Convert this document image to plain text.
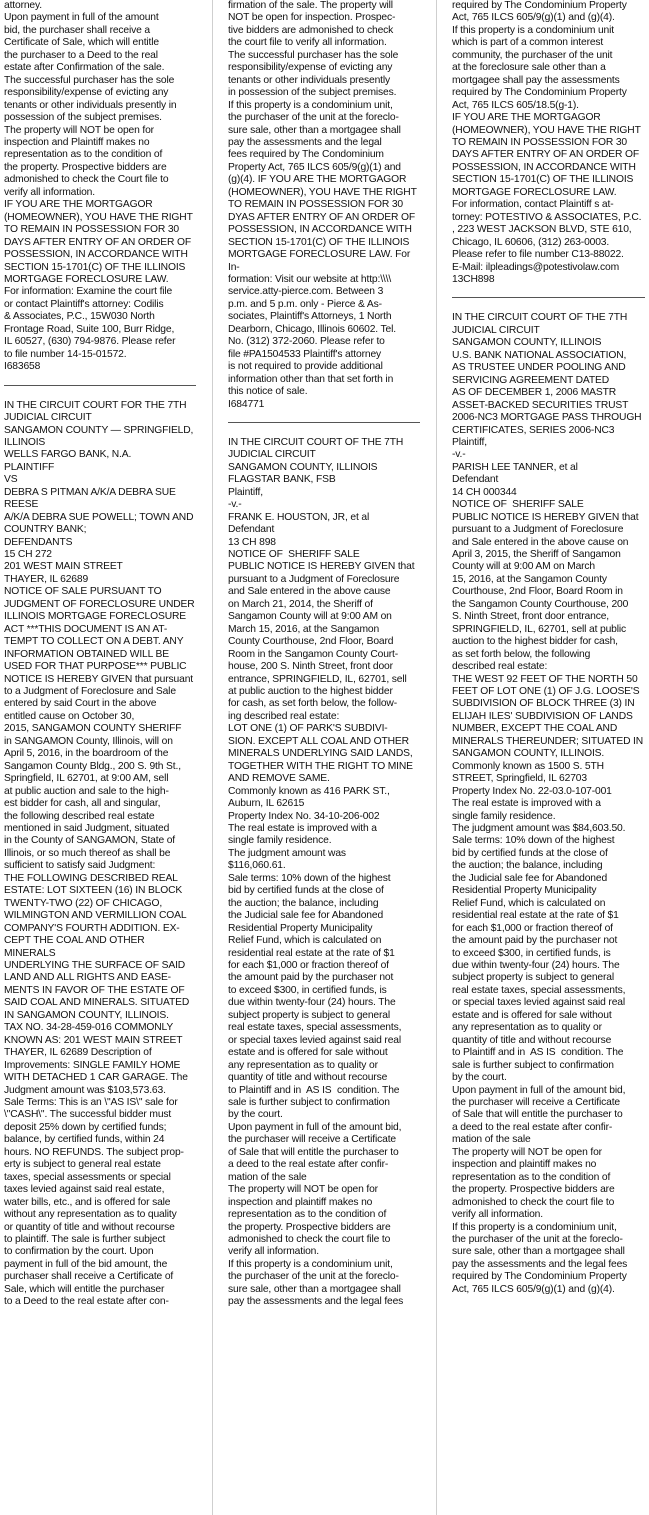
attorney.

Upon payment in full of the amount

bid, the purchaser shall receive a

Certificate of Sale, which will entitle

the purchaser to a Deed to the real

estate after Confirmation of the sale.

The successful purchaser has the sole

responsibility/expense of evicting any

tenants or other individuals presently in

possession of the subject premises.

The property will NOT be open for

inspection and Plaintiff makes no

representation as to the condition of

the property. Prospective bidders are

admonished to check the Court file to

verify all information.

IF YOU ARE THE MORTGAGOR

(HOMEOWNER), YOU HAVE THE RIGHT

TO REMAIN IN POSSESSION FOR 30

DAYS AFTER ENTRY OF AN ORDER OF

POSSESSION, IN ACCORDANCE WITH

SECTION 15-1701(C) OF THE ILLINOIS

MORTGAGE FORECLOSURE LAW.

For information: Examine the court file

or contact Plaintiff's attorney: Codilis

& Associates, P.C., 15W030 North

Frontage Road, Suite 100, Burr Ridge,

IL 60527, (630) 794-9876. Please refer

to file number 14-15-01572.

I683658

IN THE CIRCUIT COURT FOR THE 7TH

JUDICIAL CIRCUIT

SANGAMON COUNTY — SPRINGFIELD,

ILLINOIS

WELLS FARGO BANK, N.A.

PLAINTIFF

VS

DEBRA S PITMAN A/K/A DEBRA SUE

REESE

A/K/A DEBRA SUE POWELL; TOWN AND

COUNTRY BANK;

DEFENDANTS

15 CH 272

201 WEST MAIN STREET

THAYER, IL 62689

NOTICE OF SALE PURSUANT TO

JUDGMENT OF FORECLOSURE UNDER

ILLINOIS MORTGAGE FORECLOSURE

ACT ***THIS DOCUMENT IS AN AT-

TEMPT TO COLLECT ON A DEBT. ANY

INFORMATION OBTAINED WILL BE

USED FOR THAT PURPOSE*** PUBLIC

NOTICE IS HEREBY GIVEN that pursuant

to a Judgment of Foreclosure and Sale

entered by said Court in the above

entitled cause on October 30,

2015, SANGAMON COUNTY SHERIFF

in SANGAMON County, Illinois, will on

April 5, 2016, in the boardroom of the

Sangamon County Bldg., 200 S. 9th St.,

Springfield, IL 62701, at 9:00 AM, sell

at public auction and sale to the high-

est bidder for cash, all and singular,

the following described real estate

mentioned in said Judgment, situated

in the County of SANGAMON, State of

Illinois, or so much thereof as shall be

sufficient to satisfy said Judgment:

THE FOLLOWING DESCRIBED REAL

ESTATE: LOT SIXTEEN (16) IN BLOCK

TWENTY-TWO (22) OF CHICAGO,

WILMINGTON AND VERMILLION COAL

COMPANY'S FOURTH ADDITION. EX-

CEPT THE COAL AND OTHER MINERALS

UNDERLYING THE SURFACE OF SAID

LAND AND ALL RIGHTS AND EASE-

MENTS IN FAVOR OF THE ESTATE OF

SAID COAL AND MINERALS. SITUATED

IN SANGAMON COUNTY, ILLINOIS.

TAX NO. 34-28-459-016 COMMONLY

KNOWN AS: 201 WEST MAIN STREET

THAYER, IL 62689 Description of

Improvements: SINGLE FAMILY HOME

WITH DETACHED 1 CAR GARAGE. The

Judgment amount was $103,573.63.

Sale Terms: This is an \"AS IS\" sale for

\"CASH\". The successful bidder must

deposit 25% down by certified funds;

balance, by certified funds, within 24

hours. NO REFUNDS. The subject prop-

erty is subject to general real estate

taxes, special assessments or special

taxes levied against said real estate,

water bills, etc., and is offered for sale

without any representation as to quality

or quantity of title and without recourse

to plaintiff. The sale is further subject

to confirmation by the court. Upon

payment in full of the bid amount, the

purchaser shall receive a Certificate of

Sale, which will entitle the purchaser

to a Deed to the real estate after con-

firmation of the sale. The property will

NOT be open for inspection. Prospec-

tive bidders are admonished to check

the court file to verify all information.

The successful purchaser has the sole

responsibility/expense of evicting any

tenants or other individuals presently

in possession of the subject premises.

If this property is a condominium unit,

the purchaser of the unit at the foreclo-

sure sale, other than a mortgagee shall

pay the assessments and the legal

fees required by The Condominium

Property Act, 765 ILCS 605/9(g)(1) and

(g)(4). IF YOU ARE THE MORTGAGOR

(HOMEOWNER), YOU HAVE THE RIGHT

TO REMAIN IN POSSESSION FOR 30

DYAS AFTER ENTRY OF AN ORDER OF

POSSESSION, IN ACCORDANCE WITH

SECTION 15-1701(C) OF THE ILLINOIS

MORTGAGE FORECLOSURE LAW. For In-

formation: Visit our website at http:\\\\

service.atty-pierce.com. Between 3

p.m. and 5 p.m. only - Pierce & As-

sociates, Plaintiff's Attorneys, 1 North

Dearborn, Chicago, Illinois 60602. Tel.

No. (312) 372-2060. Please refer to

file #PA1504533 Plaintiff's attorney

is not required to provide additional

information other than that set forth in

this notice of sale.

I684771

IN THE CIRCUIT COURT OF THE 7TH

JUDICIAL CIRCUIT

SANGAMON COUNTY, ILLINOIS

FLAGSTAR BANK, FSB

Plaintiff,

-v.-

FRANK E. HOUSTON, JR, et al

Defendant

13 CH 898

NOTICE OF  SHERIFF SALE

PUBLIC NOTICE IS HEREBY GIVEN that

pursuant to a Judgment of Foreclosure

and Sale entered in the above cause

on March 21, 2014, the Sheriff of

Sangamon County will at 9:00 AM on

March 15, 2016, at the Sangamon

County Courthouse, 2nd Floor, Board

Room in the Sangamon County Court-

house, 200 S. Ninth Street, front door

entrance, SPRINGFIELD, IL, 62701, sell

at public auction to the highest bidder

for cash, as set forth below, the follow-

ing described real estate:

LOT ONE (1) OF PARK'S SUBDIVI-

SION. EXCEPT ALL COAL AND OTHER

MINERALS UNDERLYING SAID LANDS,

TOGETHER WITH THE RIGHT TO MINE

AND REMOVE SAME.

Commonly known as 416 PARK ST.,

Auburn, IL 62615

Property Index No. 34-10-206-002

The real estate is improved with a

single family residence.

The judgment amount was

$116,060.61.

Sale terms: 10% down of the highest

bid by certified funds at the close of

the auction; the balance, including

the Judicial sale fee for Abandoned

Residential Property Municipality

Relief Fund, which is calculated on

residential real estate at the rate of $1

for each $1,000 or fraction thereof of

the amount paid by the purchaser not

to exceed $300, in certified funds, is

due within twenty-four (24) hours. The

subject property is subject to general

real estate taxes, special assessments,

or special taxes levied against said real

estate and is offered for sale without

any representation as to quality or

quantity of title and without recourse

to Plaintiff and in  AS IS  condition. The

sale is further subject to confirmation

by the court.

Upon payment in full of the amount bid,

the purchaser will receive a Certificate

of Sale that will entitle the purchaser to

a deed to the real estate after confir-

mation of the sale

The property will NOT be open for

inspection and plaintiff makes no

representation as to the condition of

the property. Prospective bidders are

admonished to check the court file to

verify all information.

If this property is a condominium unit,

the purchaser of the unit at the foreclo-

sure sale, other than a mortgagee shall

pay the assessments and the legal fees

required by The Condominium Property

Act, 765 ILCS 605/9(g)(1) and (g)(4).

If this property is a condominium unit

which is part of a common interest

community, the purchaser of the unit

at the foreclosure sale other than a

mortgagee shall pay the assessments

required by The Condominium Property

Act, 765 ILCS 605/18.5(g-1).

IF YOU ARE THE MORTGAGOR

(HOMEOWNER), YOU HAVE THE RIGHT

TO REMAIN IN POSSESSION FOR 30

DAYS AFTER ENTRY OF AN ORDER OF

POSSESSION, IN ACCORDANCE WITH

SECTION 15-1701(C) OF THE ILLINOIS

MORTGAGE FORECLOSURE LAW.

For information, contact Plaintiff s at-

torney: POTESTIVO & ASSOCIATES, P.C.

, 223 WEST JACKSON BLVD, STE 610,

Chicago, IL 60606, (312) 263-0003.

Please refer to file number C13-88022.

E-Mail: ilpleadings@potestivolaw.com

13CH898

IN THE CIRCUIT COURT OF THE 7TH

JUDICIAL CIRCUIT

SANGAMON COUNTY, ILLINOIS

U.S. BANK NATIONAL ASSOCIATION,

AS TRUSTEE UNDER POOLING AND

SERVICING AGREEMENT DATED

AS OF DECEMBER 1, 2006 MASTR

ASSET-BACKED SECURITIES TRUST

2006-NC3 MORTGAGE PASS THROUGH

CERTIFICATES, SERIES 2006-NC3

Plaintiff,

-v.-

PARISH LEE TANNER, et al

Defendant

14 CH 000344

NOTICE OF  SHERIFF SALE

PUBLIC NOTICE IS HEREBY GIVEN that

pursuant to a Judgment of Foreclosure

and Sale entered in the above cause on

April 3, 2015, the Sheriff of Sangamon

County will at 9:00 AM on March

15, 2016, at the Sangamon County

Courthouse, 2nd Floor, Board Room in

the Sangamon County Courthouse, 200

S. Ninth Street, front door entrance,

SPRINGFIELD, IL, 62701, sell at public

auction to the highest bidder for cash,

as set forth below, the following

described real estate:

THE WEST 92 FEET OF THE NORTH 50

FEET OF LOT ONE (1) OF J.G. LOOSE'S

SUBDIVISION OF BLOCK THREE (3) IN

ELIJAH ILES' SUBDIVISION OF LANDS

NUMBER, EXCEPT THE COAL AND

MINERALS THEREUNDER; SITUATED IN

SANGAMON COUNTY, ILLINOIS.

Commonly known as 1500 S. 5TH

STREET, Springfield, IL 62703

Property Index No. 22-03.0-107-001

The real estate is improved with a

single family residence.

The judgment amount was $84,603.50.

Sale terms: 10% down of the highest

bid by certified funds at the close of

the auction; the balance, including

the Judicial sale fee for Abandoned

Residential Property Municipality

Relief Fund, which is calculated on

residential real estate at the rate of $1

for each $1,000 or fraction thereof of

the amount paid by the purchaser not

to exceed $300, in certified funds, is

due within twenty-four (24) hours. The

subject property is subject to general

real estate taxes, special assessments,

or special taxes levied against said real

estate and is offered for sale without

any representation as to quality or

quantity of title and without recourse

to Plaintiff and in  AS IS  condition. The

sale is further subject to confirmation

by the court.

Upon payment in full of the amount bid,

the purchaser will receive a Certificate

of Sale that will entitle the purchaser to

a deed to the real estate after confir-

mation of the sale

The property will NOT be open for

inspection and plaintiff makes no

representation as to the condition of

the property. Prospective bidders are

admonished to check the court file to

verify all information.

If this property is a condominium unit,

the purchaser of the unit at the foreclo-

sure sale, other than a mortgagee shall

pay the assessments and the legal fees

required by The Condominium Property

Act, 765 ILCS 605/9(g)(1) and (g)(4).
